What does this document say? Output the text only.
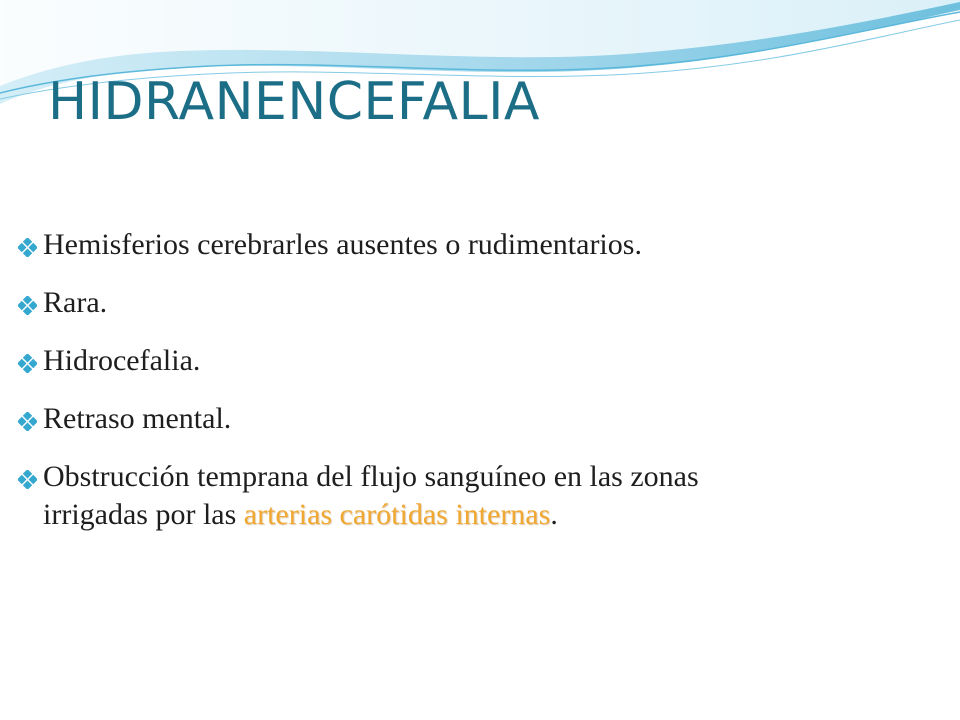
HIDRANENCEFALIA
Hemisferios cerebrarles ausentes o rudimentarios.
Rara.
Hidrocefalia.
Retraso mental.
Obstrucción temprana del flujo sanguíneo en las zonas
irrigadas por las arterias carótidas internas.
